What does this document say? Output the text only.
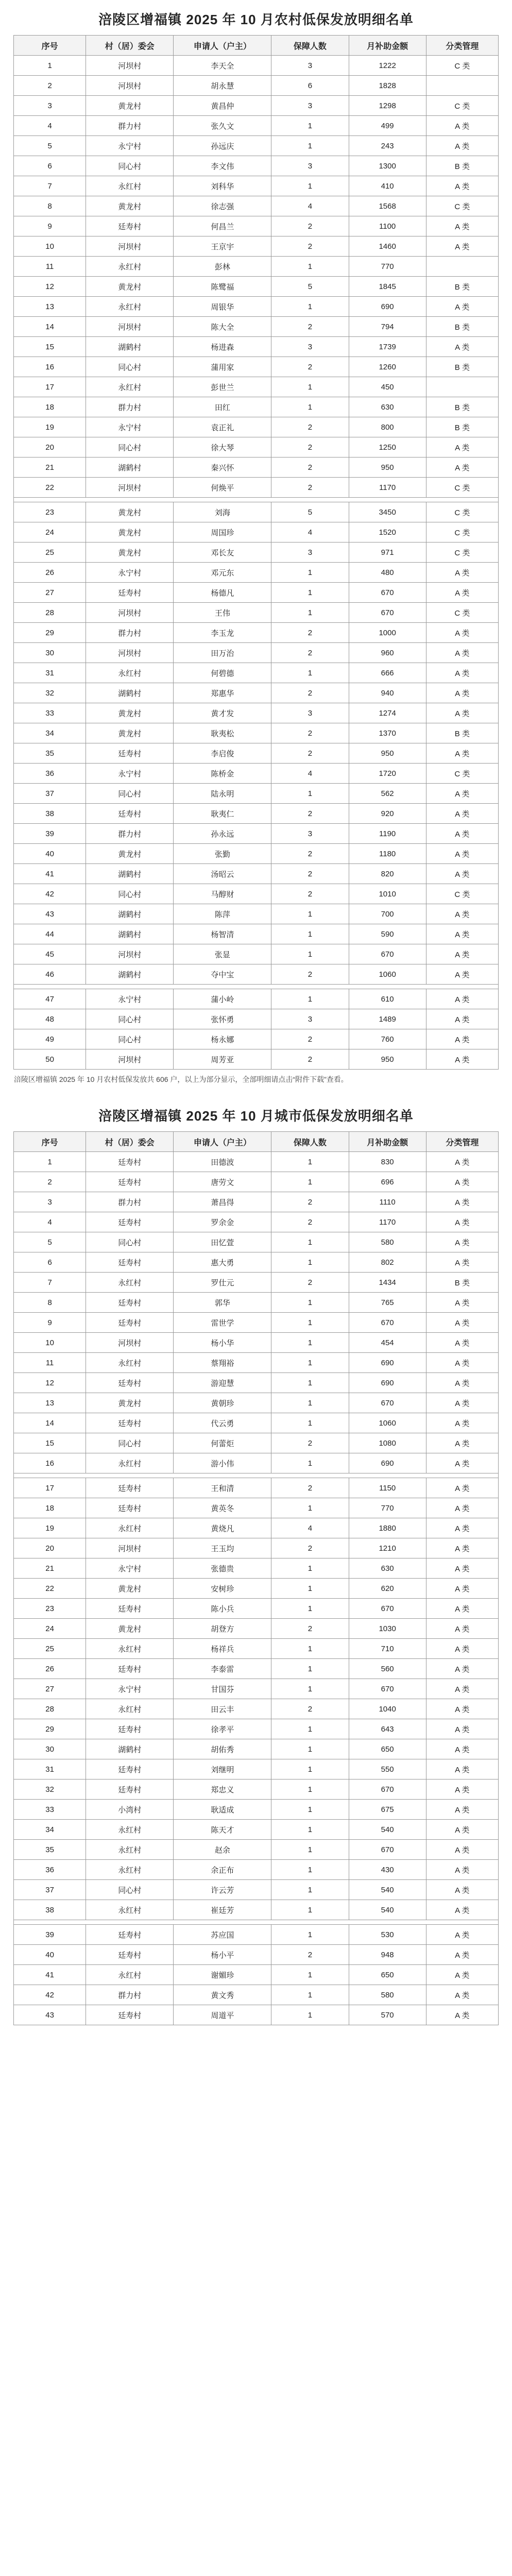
涪陵区增福镇 2025 年 10 月农村低保发放明细名单
序号	村（居）委会	申请人（户主）	保障人数	月补助金额	分类管理
1	河坝村	李天全	3	1222	C 类
2	河坝村	胡永慧	6	1828
3	黄龙村	黄昌仲	3	1298	C 类
4	群力村	张久文	1	499	A 类
5	永宁村	孙远庆	1	243	A 类
6	同心村	李文伟	3	1300	B 类
7	永红村	刘科华	1	410	A 类
8	黄龙村	徐志强	4	1568	C 类
9	廷寿村	何昌兰	2	1100	A 类
10	河坝村	王京宇	2	1460	A 类
11	永红村	彭林	1	770
12	黄龙村	陈鹭福	5	1845	B 类
13	永红村	周银华	1	690	A 类
14	河坝村	陈大全	2	794	B 类
15	湖鹤村	杨进森	3	1739	A 类
16	同心村	蒲用家	2	1260	B 类
17	永红村	彭世兰	1	450
18	群力村	田红	1	630	B 类
19	永宁村	袁正礼	2	800	B 类
20	同心村	徐大琴	2	1250	A 类
21	湖鹤村	秦兴怀	2	950	A 类
22	河坝村	何焕平	2	1170	C 类
23	黄龙村	刘海	5	3450	C 类
24	黄龙村	周国珍	4	1520	C 类
25	黄龙村	邓长友	3	971	C 类
26	永宁村	邓元东	1	480	A 类
27	廷寿村	杨德凡	1	670	A 类
28	河坝村	王伟	1	670	C 类
29	群力村	李玉龙	2	1000	A 类
30	河坝村	田万治	2	960	A 类
31	永红村	何碧德	1	666	A 类
32	湖鹤村	郑惠华	2	940	A 类
33	黄龙村	黄才发	3	1274	A 类
34	黄龙村	耿夷松	2	1370	B 类
35	廷寿村	李启俊	2	950	A 类
36	永宁村	陈桥金	4	1720	C 类
37	同心村	陆永明	1	562	A 类
38	廷寿村	耿夷仁	2	920	A 类
39	群力村	孙永远	3	1190	A 类
40	黄龙村	张勤	2	1180	A 类
41	湖鹤村	汤昭云	2	820	A 类
42	同心村	马醇财	2	1010	C 类
43	湖鹤村	陈萍	1	700	A 类
44	湖鹤村	杨智清	1	590	A 类
45	河坝村	张显	1	670	A 类
46	湖鹤村	夺中宝	2	1060	A 类
47	永宁村	蒲小岭	1	610	A 类
48	同心村	张怀勇	3	1489	A 类
49	同心村	杨永娜	2	760	A 类
50	河坝村	周芳亚	2	950	A 类
涪陵区增福镇 2025 年 10 月农村低保发放共 606 户，以上为部分显示，全部明细请点击“附件下载”查看。
涪陵区增福镇 2025 年 10 月城市低保发放明细名单
序号	村（居）委会	申请人（户主）	保障人数	月补助金额	分类管理
1	廷寿村	田德波	1	830	A 类
2	廷寿村	唐劳文	1	696	A 类
3	群力村	萧昌得	2	1110	A 类
4	廷寿村	罗余金	2	1170	A 类
5	同心村	田忆萱	1	580	A 类
6	廷寿村	惠大勇	1	802	A 类
7	永红村	罗仕元	2	1434	B 类
8	廷寿村	郭华	1	765	A 类
9	廷寿村	雷世学	1	670	A 类
10	河坝村	杨小华	1	454	A 类
11	永红村	蔡翔裕	1	690	A 类
12	廷寿村	游迎慧	1	690	A 类
13	黄龙村	黄朝珍	1	670	A 类
14	廷寿村	代云勇	1	1060	A 类
15	同心村	何蕾炬	2	1080	A 类
16	永红村	游小伟	1	690	A 类
17	廷寿村	王和清	2	1150	A 类
18	廷寿村	黄英冬	1	770	A 类
19	永红村	黄烧凡	4	1880	A 类
20	河坝村	王玉均	2	1210	A 类
21	永宁村	张德贵	1	630	A 类
22	黄龙村	安树珍	1	620	A 类
23	廷寿村	陈小兵	1	670	A 类
24	黄龙村	胡登方	2	1030	A 类
25	永红村	杨祥兵	1	710	A 类
26	廷寿村	李泰雷	1	560	A 类
27	永宁村	甘国芬	1	670	A 类
28	永红村	田云丰	2	1040	A 类
29	廷寿村	徐孝平	1	643	A 类
30	湖鹤村	胡佑秀	1	650	A 类
31	廷寿村	刘继明	1	550	A 类
32	廷寿村	郑忠义	1	670	A 类
33	小湾村	耿适成	1	675	A 类
34	永红村	陈天才	1	540	A 类
35	永红村	赵余	1	670	A 类
36	永红村	余正布	1	430	A 类
37	同心村	许云芳	1	540	A 类
38	永红村	崔廷芳	1	540	A 类
39	廷寿村	苏应国	1	530	A 类
40	廷寿村	杨小平	2	948	A 类
41	永红村	谢媚珍	1	650	A 类
42	群力村	黄文秀	1	580	A 类
43	廷寿村	周道平	1	570	A 类
